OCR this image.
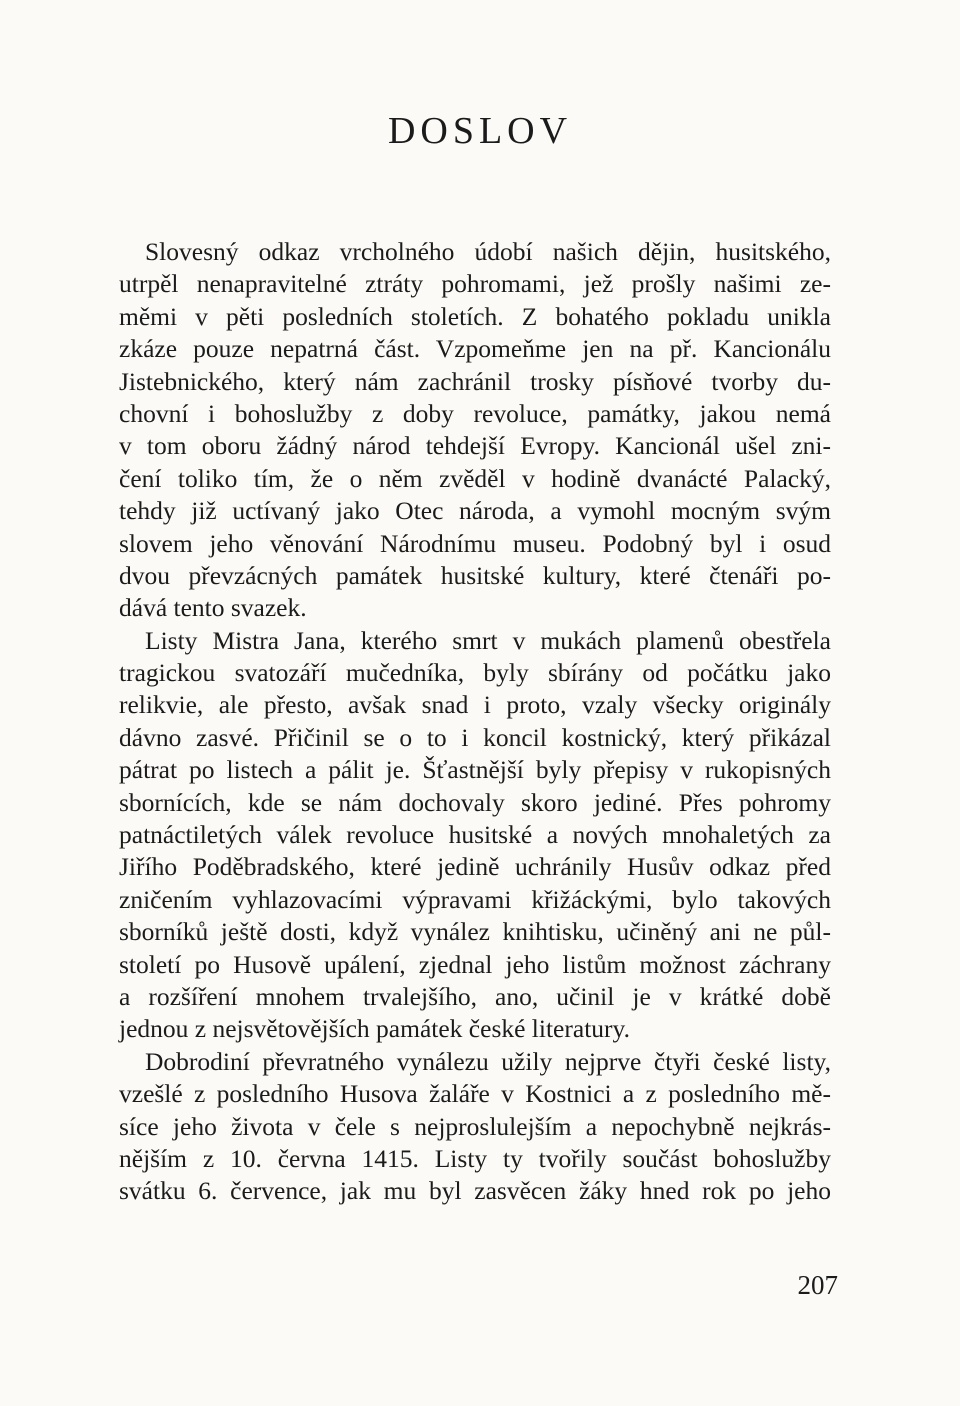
DOSLOV
Slovesný odkaz vrcholného údobí našich dějin, husitského,
utrpěl nenapravitelné ztráty pohromami, jež prošly našimi ze-
měmi v pěti posledních stoletích. Z bohatého pokladu unikla
zkáze pouze nepatrná část. Vzpomeňme jen na př. Kancionálu
Jistebnického, který nám zachránil trosky písňové tvorby du-
chovní i bohoslužby z doby revoluce, památky, jakou nemá
v tom oboru žádný národ tehdejší Evropy. Kancionál ušel zni-
čení toliko tím, že o něm zvěděl v hodině dvanácté Palacký,
tehdy již uctívaný jako Otec národa, a vymohl mocným svým
slovem jeho věnování Národnímu museu. Podobný byl i osud
dvou převzácných památek husitské kultury, které čtenáři po-
dává tento svazek.
Listy Mistra Jana, kterého smrt v mukách plamenů obestřela
tragickou svatozáří mučedníka, byly sbírány od počátku jako
relikvie, ale přesto, avšak snad i proto, vzaly všecky originály
dávno zasvé. Přičinil se o to i koncil kostnický, který přikázal
pátrat po listech a pálit je. Šťastnější byly přepisy v rukopisných
sbornících, kde se nám dochovaly skoro jediné. Přes pohromy
patnáctiletých válek revoluce husitské a nových mnohaletých za
Jiřího Poděbradského, které jedině uchránily Husův odkaz před
zničením vyhlazovacími výpravami křižáckými, bylo takových
sborníků ještě dosti, když vynález knihtisku, učiněný ani ne půl-
století po Husově upálení, zjednal jeho listům možnost záchrany
a rozšíření mnohem trvalejšího, ano, učinil je v krátké době
jednou z nejsvětovějších památek české literatury.
Dobrodiní převratného vynálezu užily nejprve čtyři české listy,
vzešlé z posledního Husova žaláře v Kostnici a z posledního mě-
síce jeho života v čele s nejproslulejším a nepochybně nejkrás-
nějším z 10. června 1415. Listy ty tvořily součást bohoslužby
svátku 6. července, jak mu byl zasvěcen žáky hned rok po jeho
207
